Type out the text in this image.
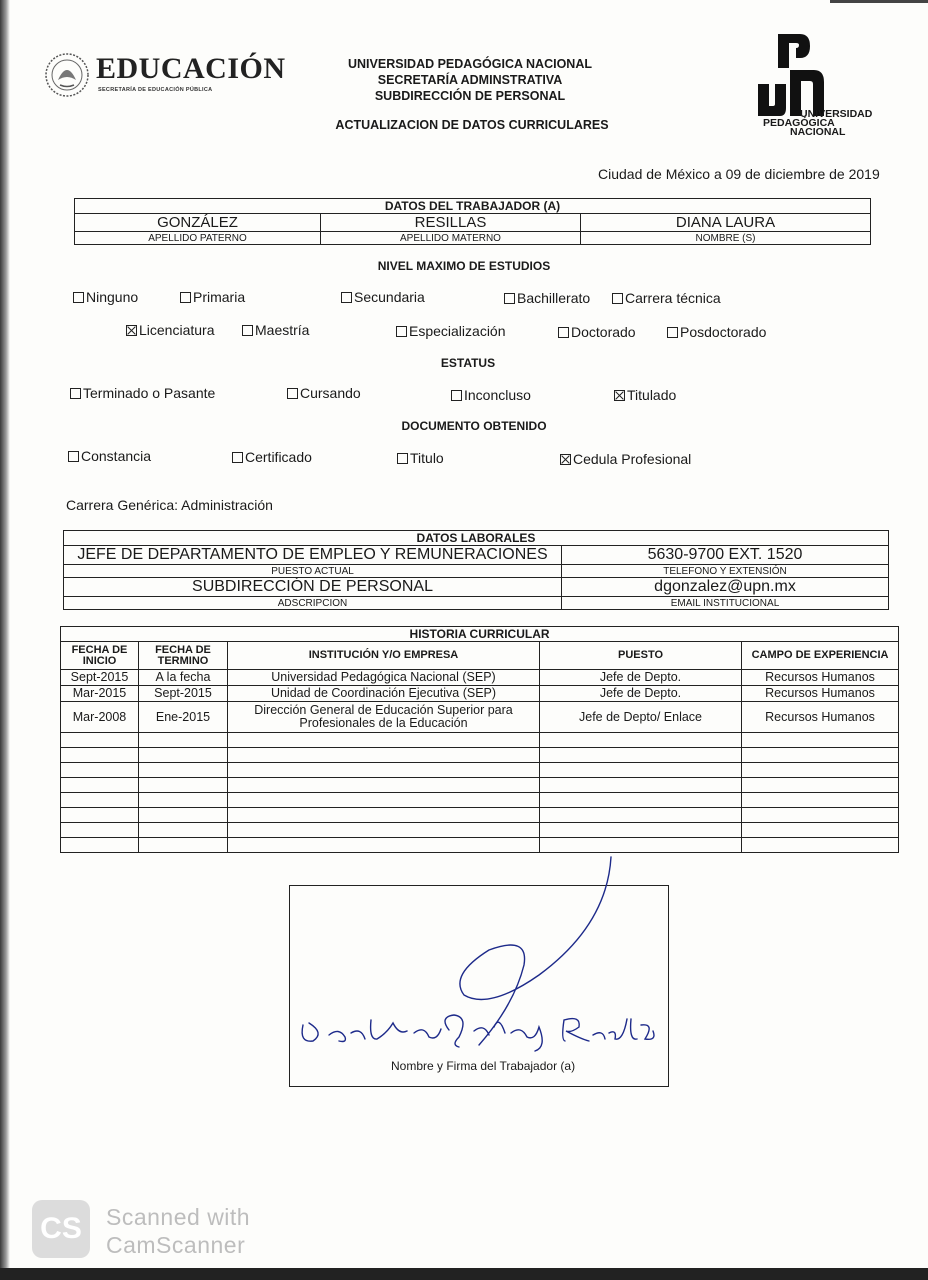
EDUCACIÓN
SECRETARÍA DE EDUCACIÓN PÚBLICA
UNIVERSIDAD PEDAGÓGICA NACIONAL
SECRETARÍA ADMINSTRATIVA
SUBDIRECCIÓN DE PERSONAL
ACTUALIZACION DE DATOS CURRICULARES
UNIVERSIDAD
PEDAGÓGICA
NACIONAL
Ciudad de México a 09 de diciembre de 2019
DATOS DEL TRABAJADOR (A)		
GONZÁLEZ	RESILLAS	DIANA LAURA
APELLIDO PATERNO	APELLIDO MATERNO	NOMBRE (S)
NIVEL MAXIMO DE ESTUDIOS
Ninguno	Primaria	Secundaria	Bachillerato	Carrera técnica
Licenciatura	Maestría	Especialización	Doctorado	Posdoctorado
ESTATUS
Terminado o Pasante	Cursando	Inconcluso	Titulado
DOCUMENTO OBTENIDO
Constancia	Certificado	Titulo	Cedula Profesional
Carrera Genérica: Administración
DATOS LABORALES	
JEFE DE DEPARTAMENTO DE EMPLEO Y REMUNERACIONES	5630-9700 EXT. 1520
PUESTO ACTUAL	TELEFONO Y EXTENSIÓN
SUBDIRECCIÓN DE PERSONAL	dgonzalez@upn.mx
ADSCRIPCION	EMAIL INSTITUCIONAL
HISTORIA CURRICULAR				
FECHA DE INICIO	FECHA DE TERMINO	INSTITUCIÓN Y/O EMPRESA	PUESTO	CAMPO DE EXPERIENCIA
Sept-2015	A la fecha	Universidad Pedagógica Nacional (SEP)	Jefe de Depto.	Recursos Humanos
Mar-2015	Sept-2015	Unidad de Coordinación Ejecutiva (SEP)	Jefe de Depto.	Recursos Humanos
Mar-2008	Ene-2015	Dirección General de Educación Superior para Profesionales de la Educación	Jefe de Depto/ Enlace	Recursos Humanos

Nombre y Firma del Trabajador (a)
CS	Scanned with
CamScanner
